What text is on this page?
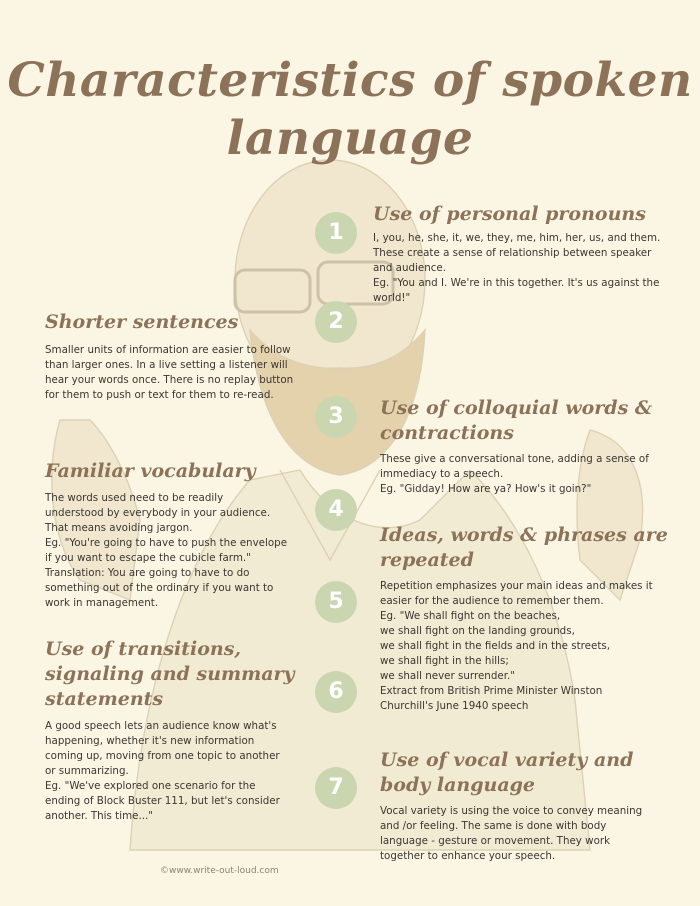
Characteristics of spoken
language
1
2
3
4
5
6
7
Use of personal pronouns
I, you, he, she, it, we, they, me, him, her, us, and them.
These create a sense of relationship between speaker
and audience.
Eg. "You and I. We're in this together. It's us against the
world!"
Shorter sentences
Smaller units of information are easier to follow
than larger ones. In a live setting a listener will
hear your words once. There is no replay button
for them to push or text for them to re-read.
Use of colloquial words &
contractions
These give a conversational tone, adding a sense of
immediacy to a speech.
Eg. "Gidday! How are ya? How's it goin?"
Familiar vocabulary
The words used need to be readily
understood by everybody in your audience.
That means avoiding jargon.
Eg. "You're going to have to push the envelope
if you want to escape the cubicle farm."
Translation: You are going to have to do
something out of the ordinary if you want to
work in management.
Ideas, words & phrases are
repeated
Repetition emphasizes your main ideas and makes it
easier for the audience to remember them.
Eg. "We shall fight on the beaches,
we shall fight on the landing grounds,
we shall fight in the fields and in the streets,
we shall fight in the hills;
we shall never surrender."
Extract from British Prime Minister Winston
Churchill's June 1940 speech
Use of transitions,
signaling and summary
statements
A good speech lets an audience know what's
happening, whether it's new information
coming up, moving from one topic to another
or summarizing.
Eg. "We've explored one scenario for the
ending of Block Buster 111, but let's consider
another. This time..."
Use of vocal variety and
body language
Vocal variety is using the voice to convey meaning
and /or feeling. The same is done with body
language - gesture or movement. They work
together to enhance your speech.
©www.write-out-loud.com
